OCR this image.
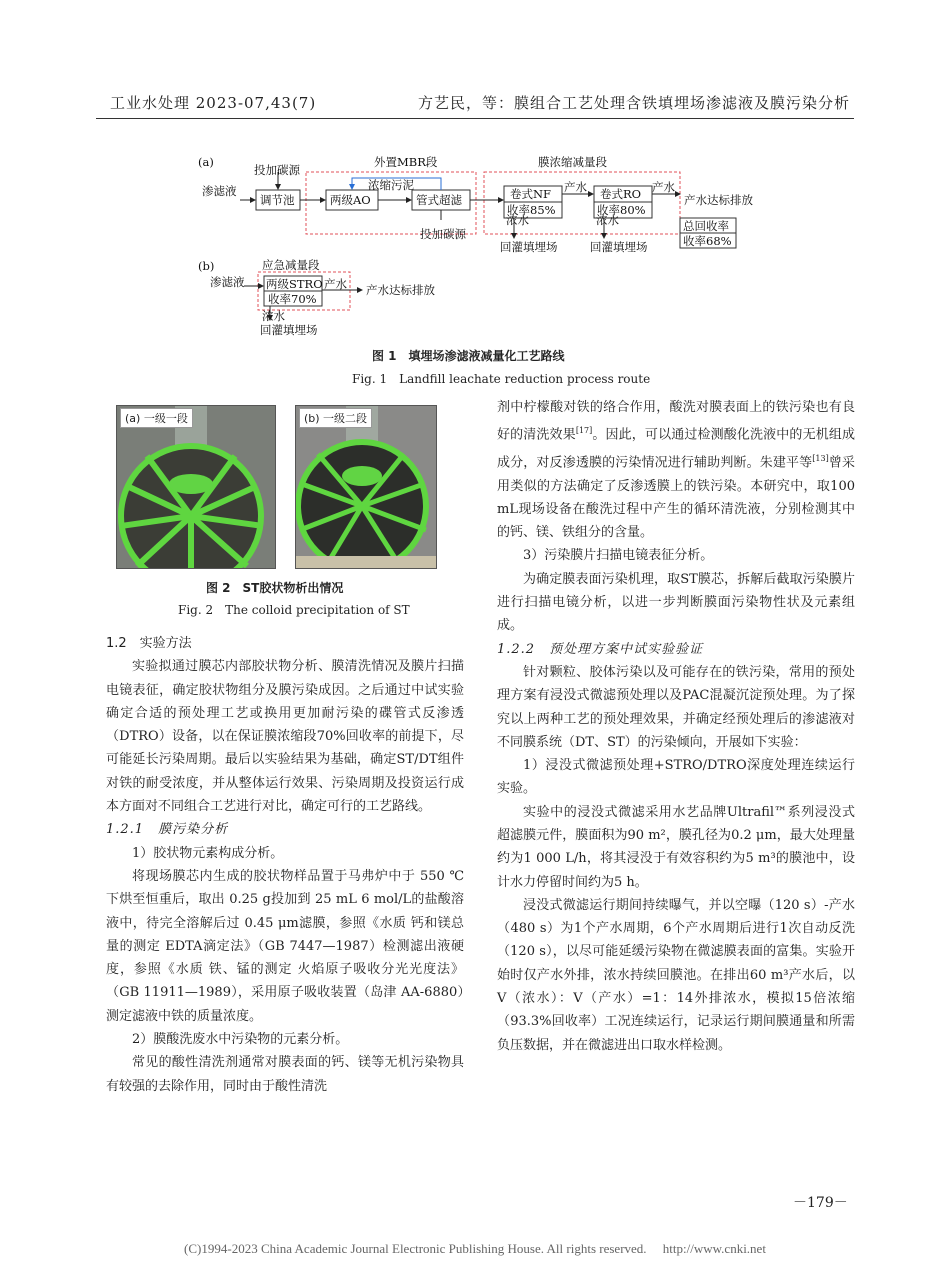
工业水处理 2023-07,43(7)	方艺民，等：膜组合工艺处理含铁填埋场渗滤液及膜污染分析
(a)
投加碳源
外置MBR段	膜浓缩减量段
渗滤液
调节池
浓缩污泥
两级AO	管式超滤
投加碳源
卷式NF
收率85%
卷式RO
收率80%
产水	产水
产水达标排放
浓水	浓水
回灌填埋场	回灌填埋场
总回收率
收率68%
(b)	应急减量段
渗滤液 两级STRO
收率70%
产水 产水达标排放
浓水
回灌填埋场
图 1　填埋场渗滤液减量化工艺路线
Fig. 1　Landfill leachate reduction process route
(a) 一级一段	(b) 一级二段
图 2　ST胶状物析出情况
Fig. 2　The colloid precipitation of ST

1.2　实验方法

实验拟通过膜芯内部胶状物分析、膜清洗情况及膜片扫描电镜表征，确定胶状物组分及膜污染成因。之后通过中试实验确定合适的预处理工艺或换用更加耐污染的碟管式反渗透（DTRO）设备，以在保证膜浓缩段70%回收率的前提下，尽可能延长污染周期。最后以实验结果为基础，确定ST/DT组件对铁的耐受浓度，并从整体运行效果、污染周期及投资运行成本方面对不同组合工艺进行对比，确定可行的工艺路线。

1.2.1　膜污染分析

1）胶状物元素构成分析。

将现场膜芯内生成的胶状物样品置于马弗炉中于 550 ℃下烘至恒重后，取出 0.25 g投加到 25 mL 6 mol/L的盐酸溶液中，待完全溶解后过 0.45 μm滤膜，参照《水质 钙和镁总量的测定 EDTA滴定法》（GB 7447—1987）检测滤出液硬度，参照《水质 铁、锰的测定 火焰原子吸收分光光度法》（GB 11911—1989），采用原子吸收装置（岛津 AA-6880）测定滤液中铁的质量浓度。

2）膜酸洗废水中污染物的元素分析。

常见的酸性清洗剂通常对膜表面的钙、镁等无机污染物具有较强的去除作用，同时由于酸性清洗

剂中柠檬酸对铁的络合作用，酸洗对膜表面上的铁污染也有良好的清洗效果[17]。因此，可以通过检测酸化洗液中的无机组成成分，对反渗透膜的污染情况进行辅助判断。朱建平等[13]曾采用类似的方法确定了反渗透膜上的铁污染。本研究中，取100 mL现场设备在酸洗过程中产生的循环清洗液，分别检测其中的钙、镁、铁组分的含量。

3）污染膜片扫描电镜表征分析。

为确定膜表面污染机理，取ST膜芯，拆解后截取污染膜片进行扫描电镜分析，以进一步判断膜面污染物性状及元素组成。

1.2.2　预处理方案中试实验验证

针对颗粒、胶体污染以及可能存在的铁污染，常用的预处理方案有浸没式微滤预处理以及PAC混凝沉淀预处理。为了探究以上两种工艺的预处理效果，并确定经预处理后的渗滤液对不同膜系统（DT、ST）的污染倾向，开展如下实验：

1）浸没式微滤预处理+STRO/DTRO深度处理连续运行实验。

实验中的浸没式微滤采用水艺品牌Ultrafil™系列浸没式超滤膜元件，膜面积为90 m²，膜孔径为0.2 μm，最大处理量约为1 000 L/h，将其浸没于有效容积约为5 m³的膜池中，设计水力停留时间约为5 h。

浸没式微滤运行期间持续曝气，并以空曝（120 s）-产水（480 s）为1个产水周期，6个产水周期后进行1次自动反洗（120 s），以尽可能延缓污染物在微滤膜表面的富集。实验开始时仅产水外排，浓水持续回膜池。在排出60 m³产水后，以V（浓水）：V（产水）=1：14外排浓水，模拟15倍浓缩（93.3%回收率）工况连续运行，记录运行期间膜通量和所需负压数据，并在微滤进出口取水样检测。

－179－
(C)1994-2023 China Academic Journal Electronic Publishing House. All rights reserved.　 http://www.cnki.net
